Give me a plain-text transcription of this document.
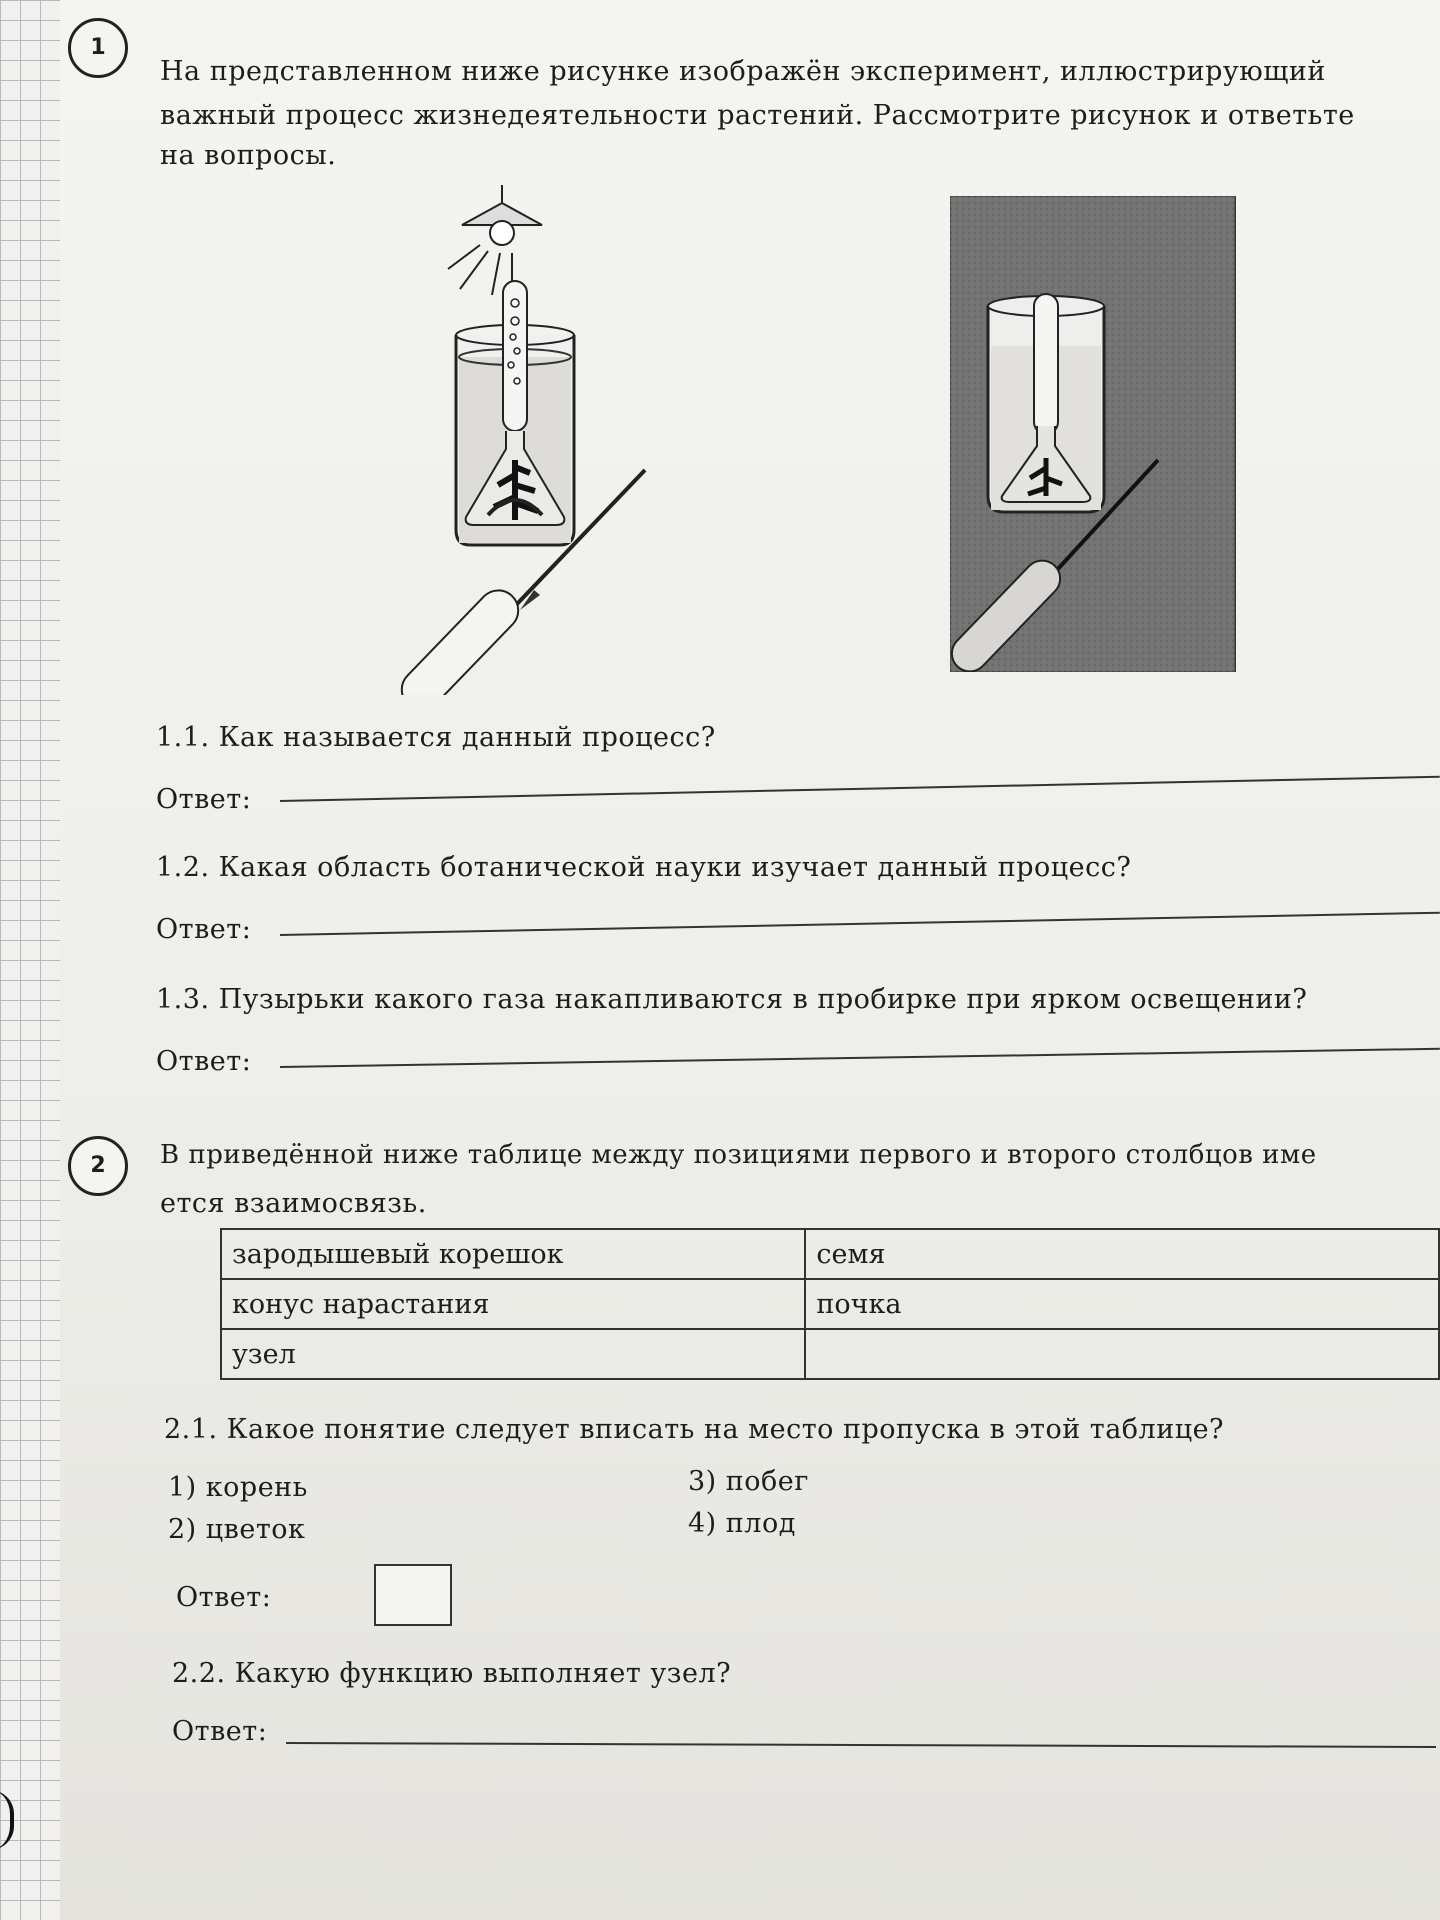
1
На представленном ниже рисунке изображён эксперимент, иллюстрирующий
важный процесс жизнедеятельности растений. Рассмотрите рисунок и ответьте
на вопросы.
1.1. Как называется данный процесс?
Ответ:
1.2. Какая область ботанической науки изучает данный процесс?
Ответ:
1.3. Пузырьки какого газа накапливаются в пробирке при ярком освещении?
Ответ:
2	В приведённой ниже таблице между позициями первого и второго столбцов име
ется взаимосвязь.
зародышевый корешок	семя
конус нарастания	почка
узел	
2.1. Какое понятие следует вписать на место пропуска в этой таблице?
1) корень
2) цветок
3) побег
4) плод
Ответ:
2.2. Какую функцию выполняет узел?
Ответ:
